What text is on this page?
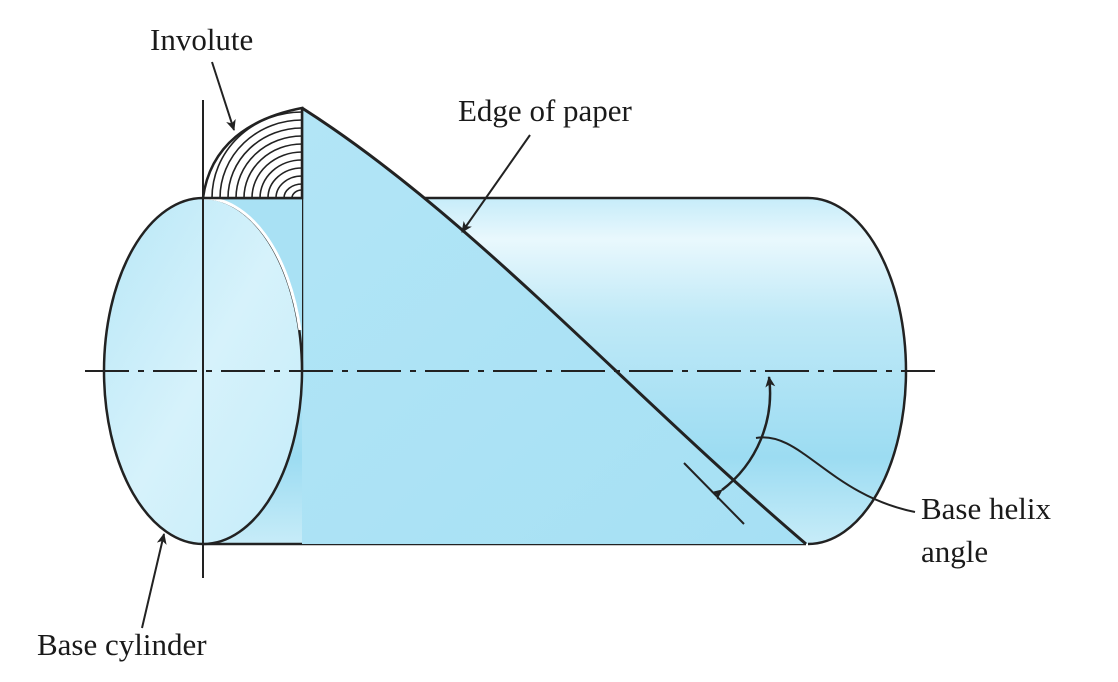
Involute
Edge of paper
Base helix
angle
Base cylinder
